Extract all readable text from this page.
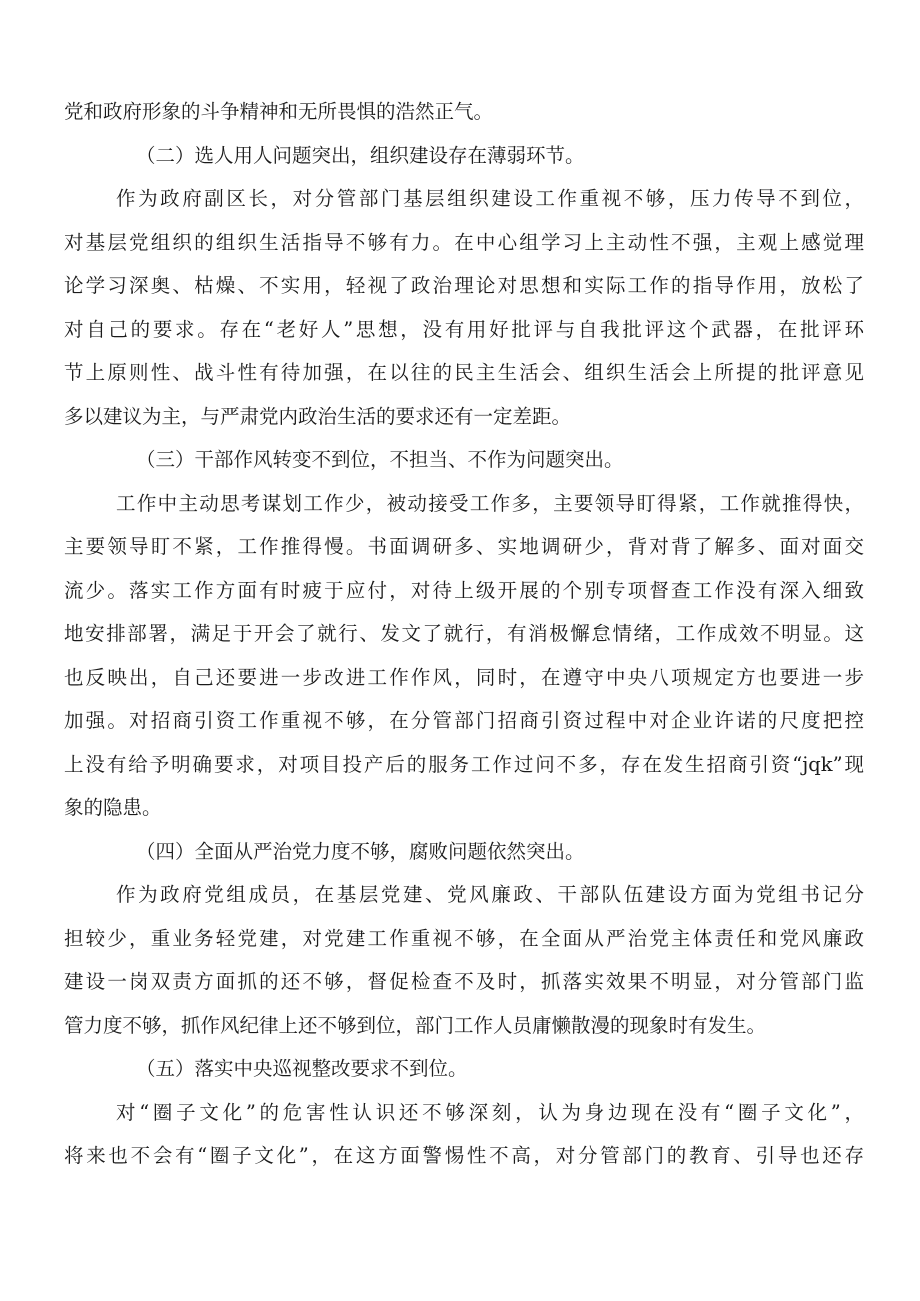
党和政府形象的斗争精神和无所畏惧的浩然正气。
（二）选人用人问题突出，组织建设存在薄弱环节。
作为政府副区长，对分管部门基层组织建设工作重视不够，压力传导不到位，
对基层党组织的组织生活指导不够有力。在中心组学习上主动性不强，主观上感觉理
论学习深奥、枯燥、不实用，轻视了政治理论对思想和实际工作的指导作用，放松了
对自己的要求。存在“老好人”思想，没有用好批评与自我批评这个武器，在批评环
节上原则性、战斗性有待加强，在以往的民主生活会、组织生活会上所提的批评意见
多以建议为主，与严肃党内政治生活的要求还有一定差距。
（三）干部作风转变不到位，不担当、不作为问题突出。
工作中主动思考谋划工作少，被动接受工作多，主要领导盯得紧，工作就推得快，
主要领导盯不紧，工作推得慢。书面调研多、实地调研少，背对背了解多、面对面交
流少。落实工作方面有时疲于应付，对待上级开展的个别专项督查工作没有深入细致
地安排部署，满足于开会了就行、发文了就行，有消极懈怠情绪，工作成效不明显。这
也反映出，自己还要进一步改进工作作风，同时，在遵守中央八项规定方也要进一步
加强。对招商引资工作重视不够，在分管部门招商引资过程中对企业许诺的尺度把控
上没有给予明确要求，对项目投产后的服务工作过问不多，存在发生招商引资“jqk”现
象的隐患。
（四）全面从严治党力度不够，腐败问题依然突出。
作为政府党组成员，在基层党建、党风廉政、干部队伍建设方面为党组书记分
担较少，重业务轻党建，对党建工作重视不够，在全面从严治党主体责任和党风廉政
建设一岗双责方面抓的还不够，督促检查不及时，抓落实效果不明显，对分管部门监
管力度不够，抓作风纪律上还不够到位，部门工作人员庸懒散漫的现象时有发生。
（五）落实中央巡视整改要求不到位。
对“圈子文化”的危害性认识还不够深刻，认为身边现在没有“圈子文化”，
将来也不会有“圈子文化”，在这方面警惕性不高，对分管部门的教育、引导也还存
